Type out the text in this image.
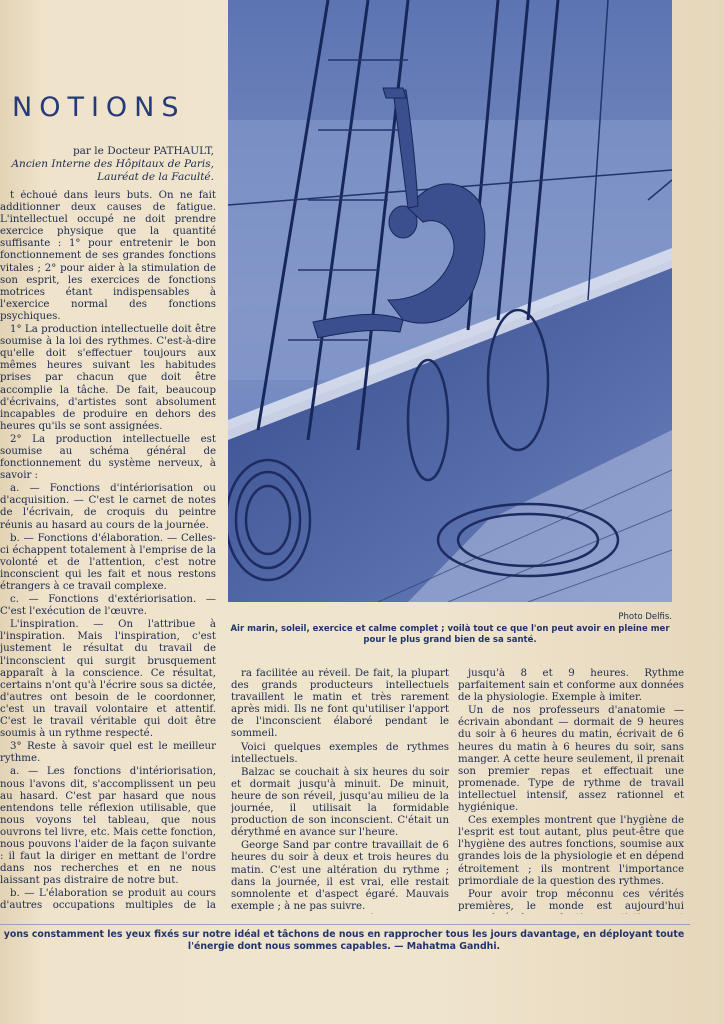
NOTIONS
par le Docteur PATHAULT,
Ancien Interne des Hôpitaux de Paris,
Lauréat de la Faculté.

t échoué dans leurs buts. On ne fait additionner deux causes de fatigue. L'intellectuel occupé ne doit prendre exercice physique que la quantité suffisante : 1° pour entretenir le bon fonctionnement de ses grandes fonctions vitales ; 2° pour aider à la stimulation de son esprit, les exercices de fonctions motrices étant indispensables à l'exercice normal des fonctions psychiques.

1° La production intellectuelle doit être soumise à la loi des rythmes. C'est-à-dire qu'elle doit s'effectuer toujours aux mêmes heures suivant les habitudes prises par chacun que doit être accomplie la tâche. De fait, beaucoup d'écrivains, d'artistes sont absolument incapables de produire en dehors des heures qu'ils se sont assignées.

2° La production intellectuelle est soumise au schéma général de fonctionnement du système nerveux, à savoir :

a. — Fonctions d'intériorisation ou d'acquisition. — C'est le carnet de notes de l'écrivain, de croquis du peintre réunis au hasard au cours de la journée.

b. — Fonctions d'élaboration. — Celles-ci échappent totalement à l'emprise de la volonté et de l'attention, c'est notre inconscient qui les fait et nous restons étrangers à ce travail complexe.

c. — Fonctions d'extériorisation. — C'est l'exécution de l'œuvre.

L'inspiration. — On l'attribue à l'inspiration. Mais l'inspiration, c'est justement le résultat du travail de l'inconscient qui surgit brusquement apparaît à la conscience. Ce résultat, certains n'ont qu'à l'écrire sous sa dictée, d'autres ont besoin de le coordonner, c'est un travail volontaire et attentif. C'est le travail véritable qui doit être soumis à un rythme respecté.

3° Reste à savoir quel est le meilleur rythme.

a. — Les fonctions d'intériorisation, nous l'avons dit, s'accomplissent un peu au hasard. C'est par hasard que nous entendons telle réflexion utilisable, que nous voyons tel tableau, que nous ouvrons tel livre, etc. Mais cette fonction, nous pouvons l'aider de la façon suivante : il faut la diriger en mettant de l'ordre dans nos recherches et en ne nous laissant pas distraire de notre but.

b. — L'élaboration se produit au cours d'autres occupations multiples de la

Photo Delfis.
Air marin, soleil, exercice et calme complet ; voilà tout ce que l'on peut avoir en pleine mer pour le plus grand bien de sa santé.

ra facilitée au réveil. De fait, la plupart des grands producteurs intellectuels travaillent le matin et très rarement après midi. Ils ne font qu'utiliser l'apport de l'inconscient élaboré pendant le sommeil.

Voici quelques exemples de rythmes intellectuels.

Balzac se couchait à six heures du soir et dormait jusqu'à minuit. De minuit, heure de son réveil, jusqu'au milieu de la journée, il utilisait la formidable production de son inconscient. C'était un dérythmé en avance sur l'heure.

George Sand par contre travaillait de 6 heures du soir à deux et trois heures du matin. C'est une altération du rythme ; dans la journée, il est vrai, elle restait somnolente et d'aspect égaré. Mauvais exemple ; à ne pas suivre.

jusqu'à 8 et 9 heures. Rythme parfaitement sain et conforme aux données de la physiologie. Exemple à imiter.

Un de nos professeurs d'anatomie — écrivain abondant — dormait de 9 heures du soir à 6 heures du matin, écrivait de 6 heures du matin à 6 heures du soir, sans manger. A cette heure seulement, il prenait son premier repas et effectuait une promenade. Type de rythme de travail intellectuel intensif, assez rationnel et hygiénique.

Ces exemples montrent que l'hygiène de l'esprit est tout autant, plus peut-être que l'hygiène des autres fonctions, soumise aux grandes lois de la physiologie et en dépend étroitement ; ils montrent l'importance primordiale de la question des rythmes.

Pour avoir trop méconnu ces vérités premières, le monde est aujourd'hui

yons constamment les yeux fixés sur notre idéal et tâchons de nous en rapprocher tous les jours davantage, en déployant toute l'énergie dont nous sommes capables. — Mahatma Gandhi.
